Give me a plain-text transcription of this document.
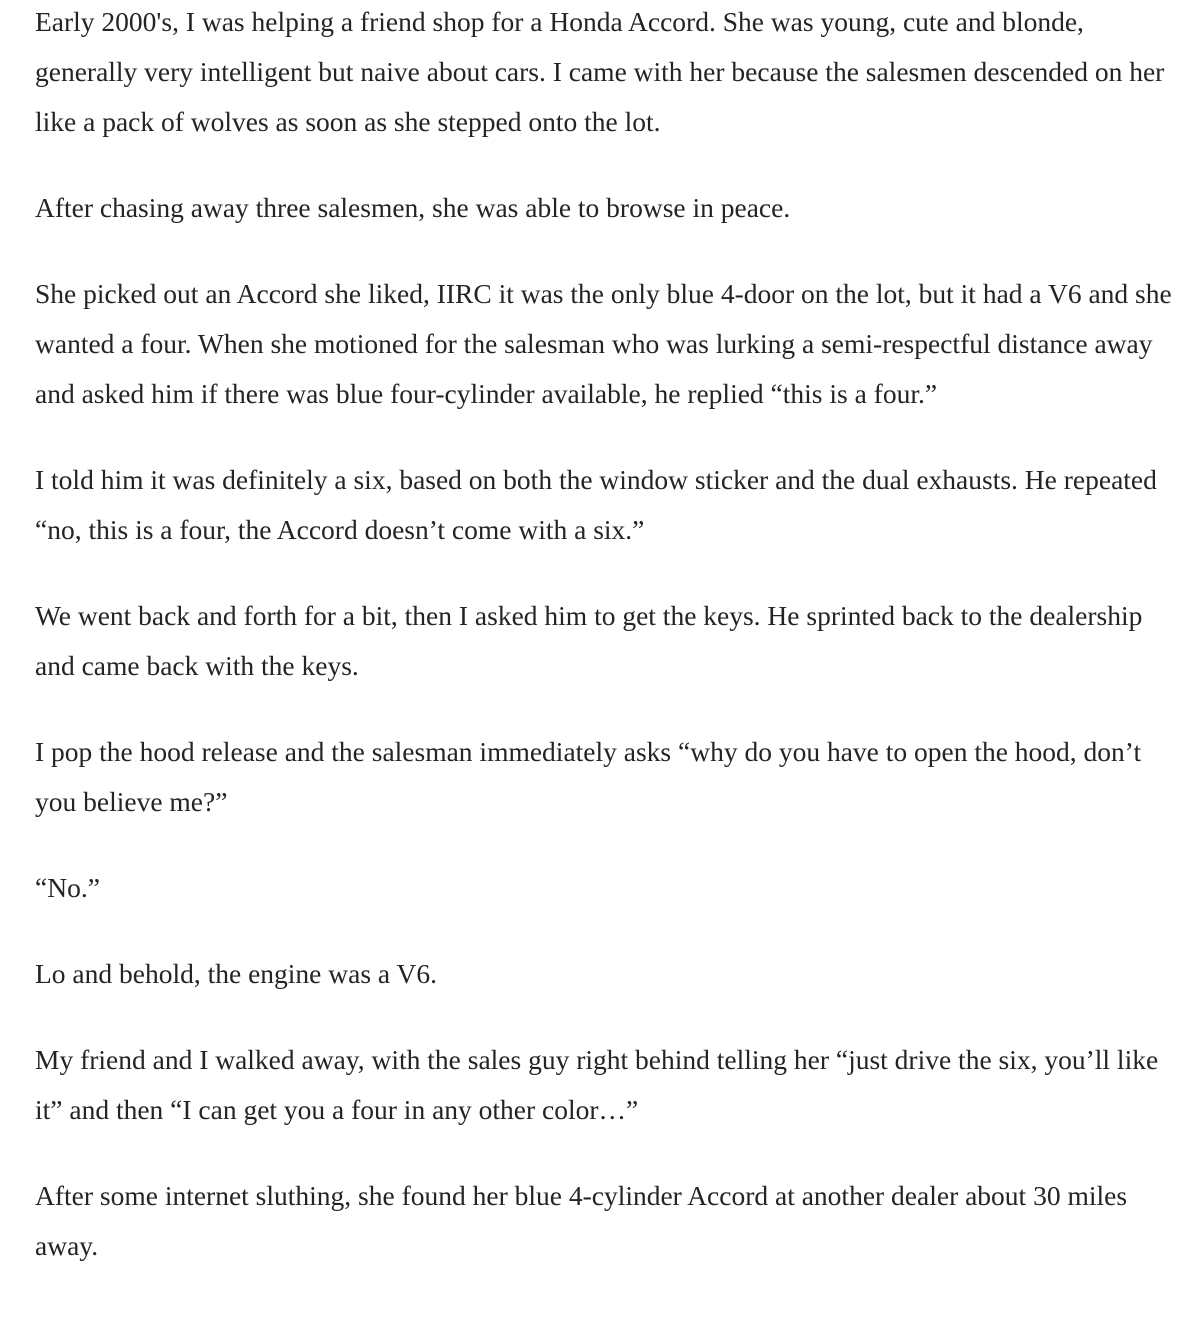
Early 2000's, I was helping a friend shop for a Honda Accord. She was young, cute and blonde, generally very intelligent but naive about cars. I came with her because the salesmen descended on her like a pack of wolves as soon as she stepped onto the lot.

After chasing away three salesmen, she was able to browse in peace.

She picked out an Accord she liked, IIRC it was the only blue 4-door on the lot, but it had a V6 and she wanted a four. When she motioned for the salesman who was lurking a semi-respectful distance away and asked him if there was blue four-cylinder available, he replied “this is a four.”

I told him it was definitely a six, based on both the window sticker and the dual exhausts. He repeated “no, this is a four, the Accord doesn’t come with a six.”

We went back and forth for a bit, then I asked him to get the keys. He sprinted back to the dealership and came back with the keys.

I pop the hood release and the salesman immediately asks “why do you have to open the hood, don’t you believe me?”

“No.”

Lo and behold, the engine was a V6.

My friend and I walked away, with the sales guy right behind telling her “just drive the six, you’ll like it” and then “I can get you a four in any other color…”

After some internet sluthing, she found her blue 4-cylinder Accord at another dealer about 30 miles away.
